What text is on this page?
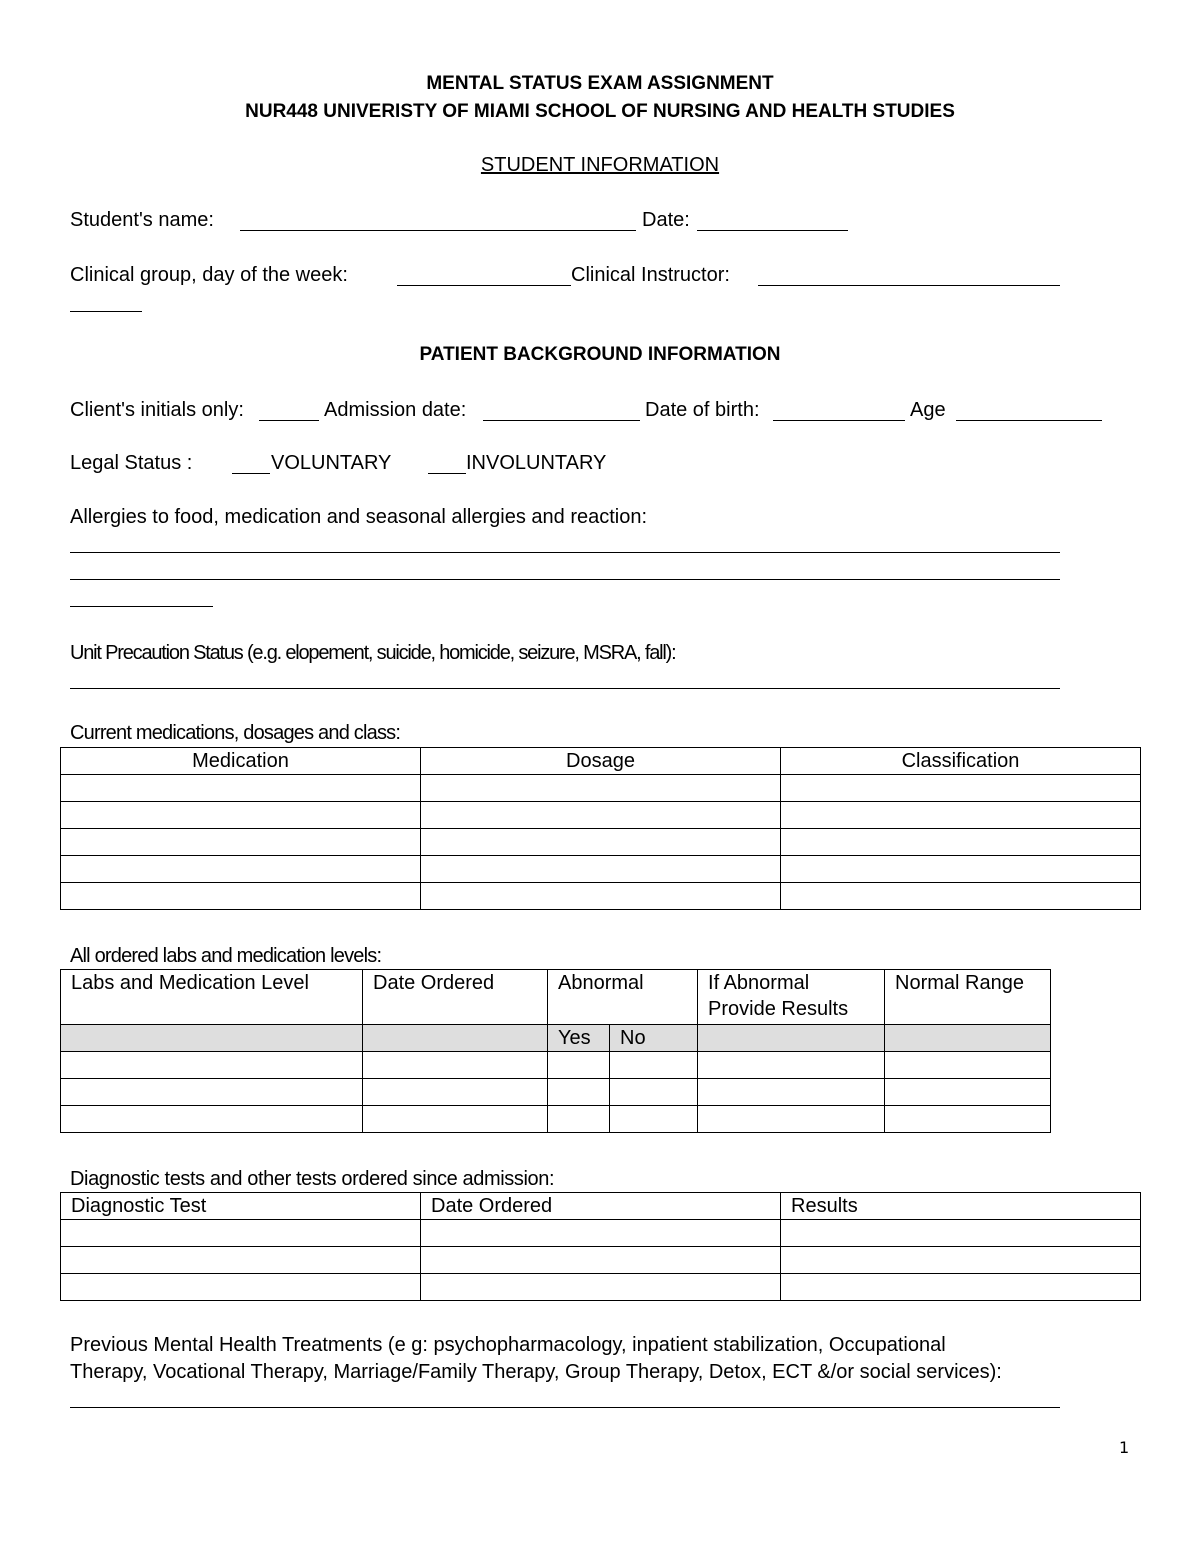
MENTAL STATUS EXAM ASSIGNMENT
NUR448 UNIVERISTY OF MIAMI SCHOOL OF NURSING AND HEALTH STUDIES
STUDENT INFORMATION
Student's name:	Date:
Clinical group, day of the week:	Clinical Instructor:
PATIENT BACKGROUND INFORMATION
Client's initials only:	Admission date:	Date of birth:	Age
Legal Status :	VOLUNTARY	INVOLUNTARY
Allergies to food, medication and seasonal allergies and reaction:
Unit Precaution Status (e.g. elopement, suicide, homicide, seizure, MSRA, fall):
Current medications, dosages and class:
Medication	Dosage	Classification

All ordered labs and medication levels:
Labs and Medication Level	Date Ordered	Abnormal		If Abnormal Provide Results	Normal Range
		Yes	No		

Diagnostic tests and other tests ordered since admission:
Diagnostic Test	Date Ordered	Results

Previous Mental Health Treatments (e g: psychopharmacology, inpatient stabilization, Occupational
Therapy, Vocational Therapy, Marriage/Family Therapy, Group Therapy, Detox, ECT &/or social services):
1
